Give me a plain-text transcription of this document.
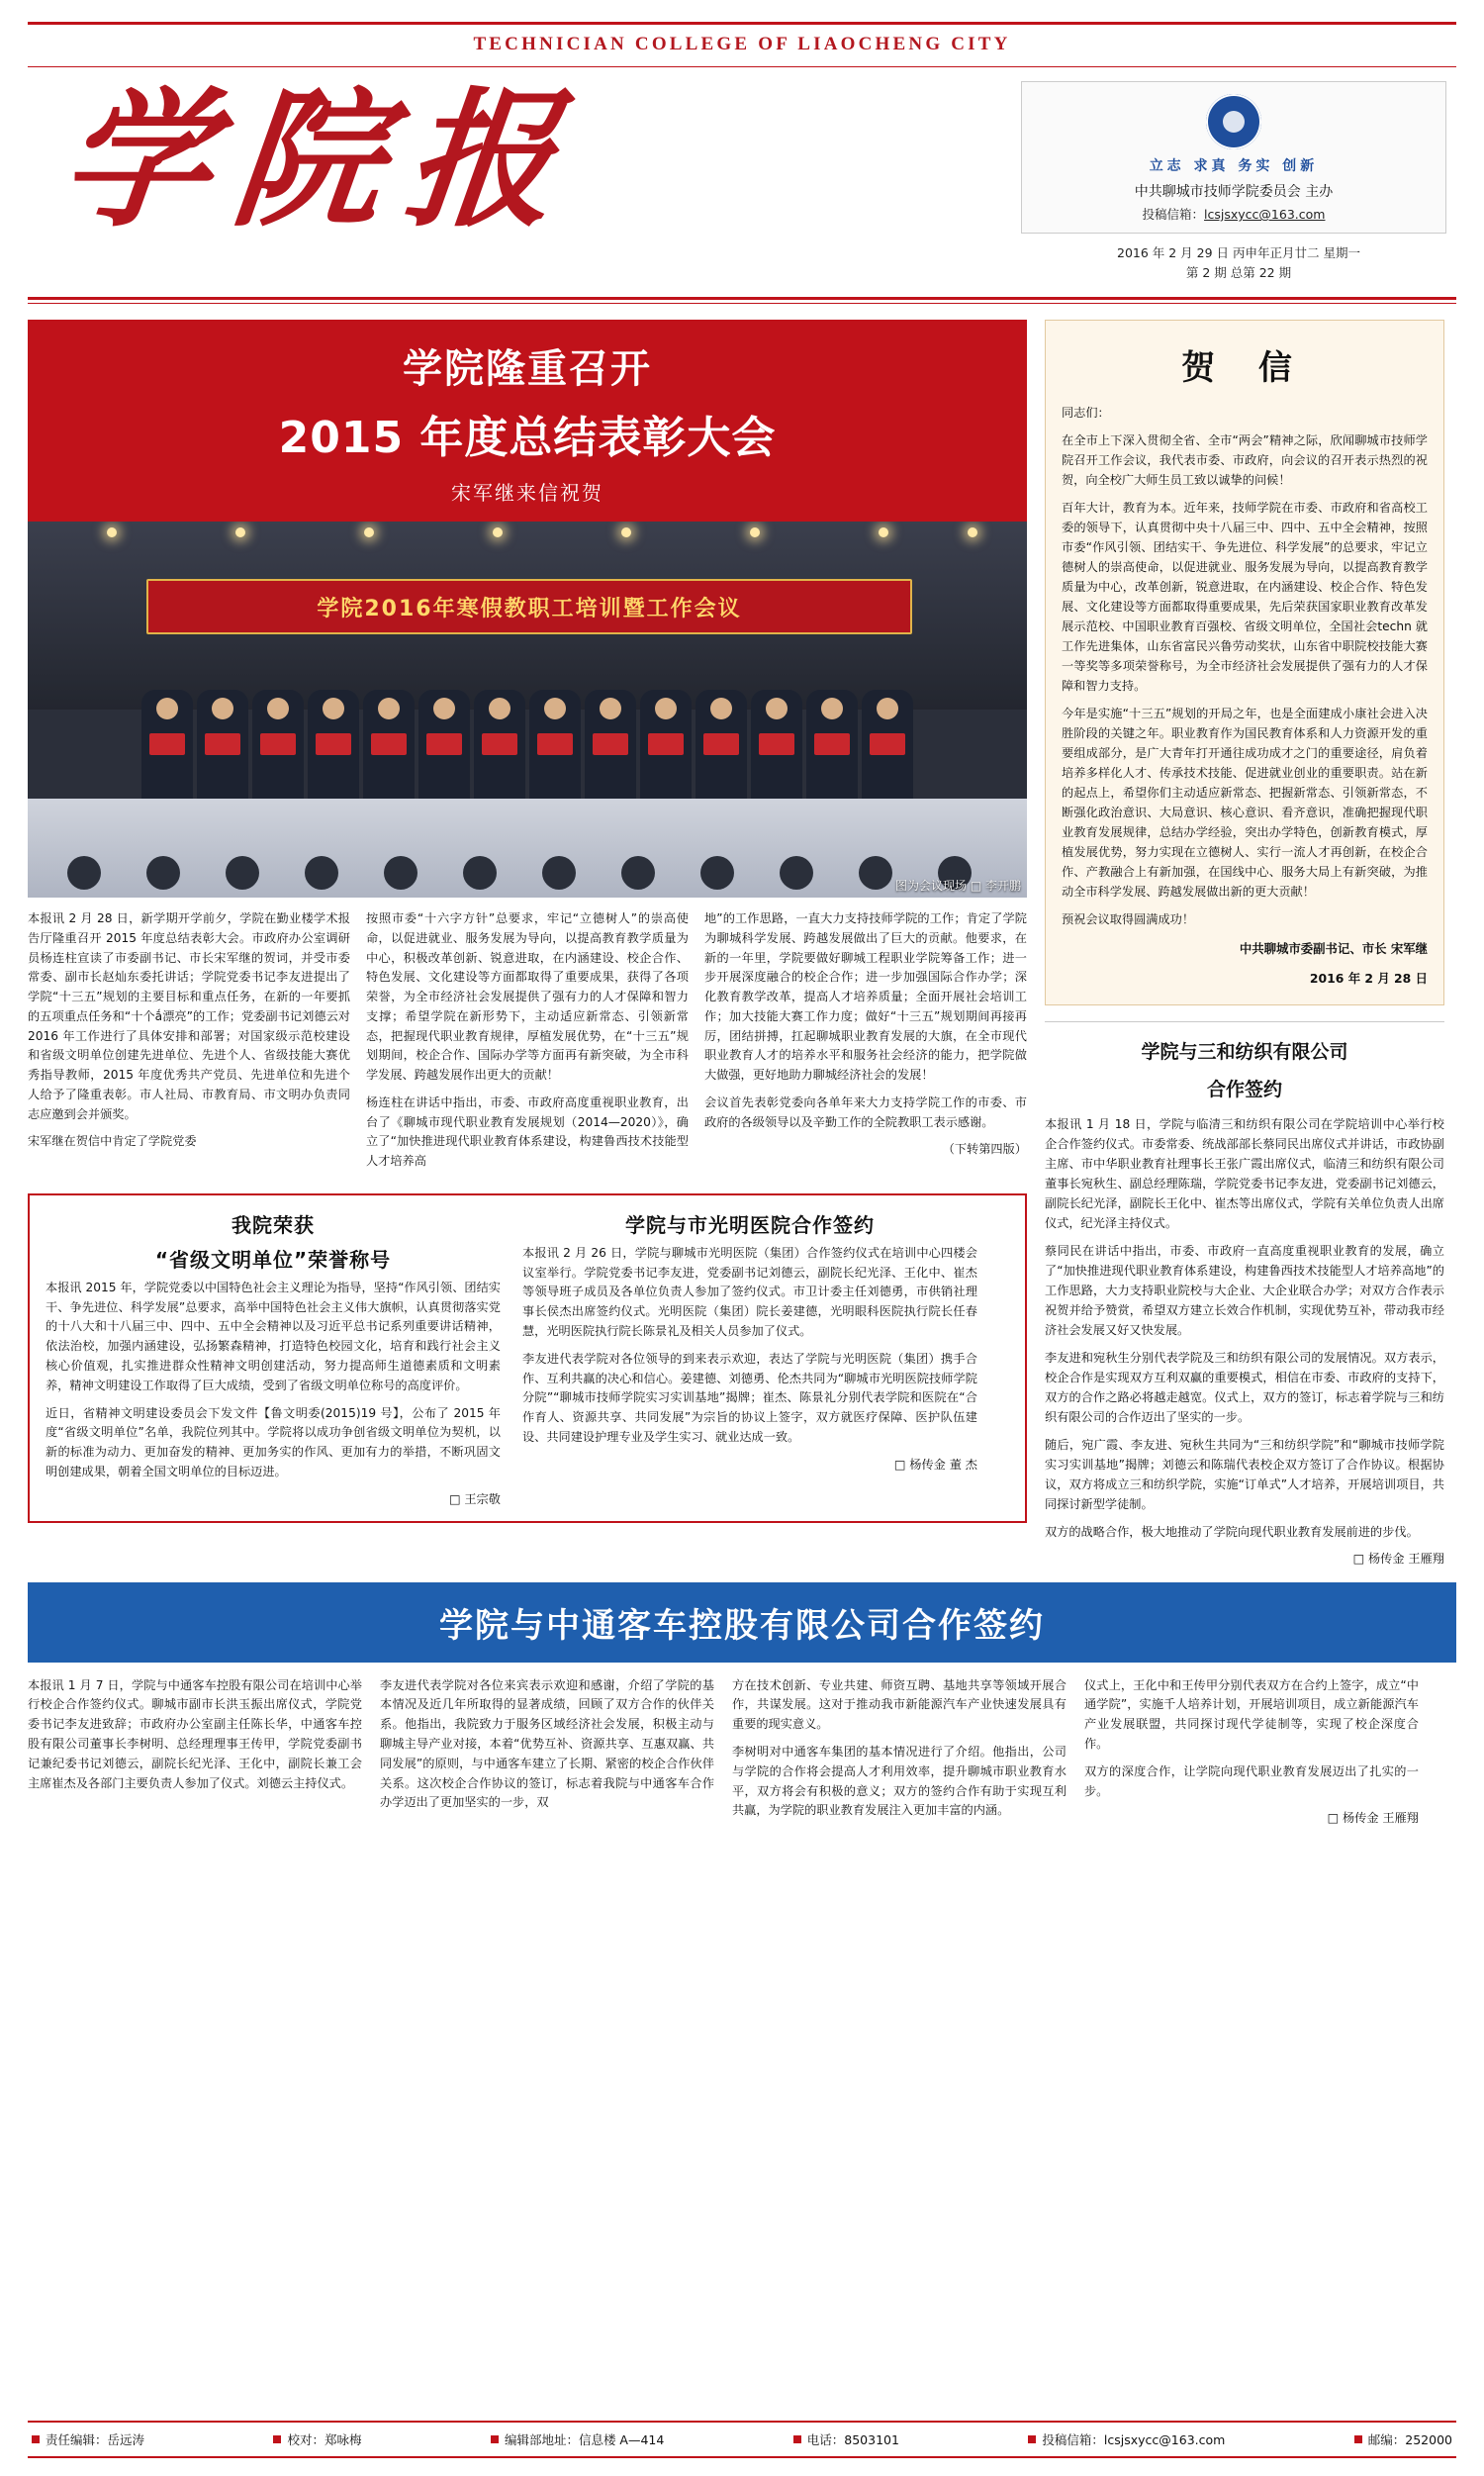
TECHNICIAN COLLEGE OF LIAOCHENG CITY
学院报	立志 求真 务实 创新
中共聊城市技师学院委员会 主办
投稿信箱：lcsjsxycc@163.com
2016 年 2 月 29 日 丙申年正月廿二 星期一
第 2 期 总第 22 期
学院隆重召开
2015 年度总结表彰大会
宋军继来信祝贺
学院2016年寒假教职工培训暨工作会议
图为会议现场 □ 李开鹏

本报讯 2 月 28 日，新学期开学前夕，学院在勤业楼学术报告厅隆重召开 2015 年度总结表彰大会。市政府办公室调研员杨连柱宣读了市委副书记、市长宋军继的贺词，并受市委常委、副市长赵灿东委托讲话；学院党委书记李友进提出了学院“十三五”规划的主要目标和重点任务，在新的一年要抓的五项重点任务和“十个ắ漂亮”的工作；党委副书记刘德云对 2016 年工作进行了具体安排和部署；对国家级示范校建设和省级文明单位创建先进单位、先进个人、省级技能大赛优秀指导教师，2015 年度优秀共产党员、先进单位和先进个人给予了隆重表彰。市人社局、市教育局、市文明办负责同志应邀到会并颁奖。

宋军继在贺信中肯定了学院党委

按照市委“十六字方针”总要求，牢记“立德树人”的崇高使命，以促进就业、服务发展为导向，以提高教育教学质量为中心，积极改革创新、锐意进取，在内涵建设、校企合作、特色发展、文化建设等方面都取得了重要成果，获得了各项荣誉，为全市经济社会发展提供了强有力的人才保障和智力支撑；希望学院在新形势下，主动适应新常态、引领新常态，把握现代职业教育规律，厚植发展优势，在“十三五”规划期间，校企合作、国际办学等方面再有新突破，为全市科学发展、跨越发展作出更大的贡献！

杨连柱在讲话中指出，市委、市政府高度重视职业教育，出台了《聊城市现代职业教育发展规划（2014—2020）》，确立了“加快推进现代职业教育体系建设，构建鲁西技术技能型人才培养高

地”的工作思路，一直大力支持技师学院的工作；肯定了学院为聊城科学发展、跨越发展做出了巨大的贡献。他要求，在新的一年里，学院要做好聊城工程职业学院筹备工作；进一步开展深度融合的校企合作；进一步加强国际合作办学；深化教育教学改革，提高人才培养质量；全面开展社会培训工作；加大技能大赛工作力度；做好“十三五”规划期间再接再厉，团结拼搏，扛起聊城职业教育发展的大旗，在全市现代职业教育人才的培养水平和服务社会经济的能力，把学院做大做强，更好地助力聊城经济社会的发展！

会议首先表彰党委向各单年来大力支持学院工作的市委、市政府的各级领导以及辛勤工作的全院教职工表示感谢。

（下转第四版）
我院荣获
“省级文明单位”荣誉称号

本报讯 2015 年，学院党委以中国特色社会主义理论为指导，坚持“作风引领、团结实干、争先进位、科学发展”总要求，高举中国特色社会主义伟大旗帜，认真贯彻落实党的十八大和十八届三中、四中、五中全会精神以及习近平总书记系列重要讲话精神，依法治校，加强内涵建设，弘扬繁森精神，打造特色校园文化，培育和践行社会主义核心价值观，扎实推进群众性精神文明创建活动，努力提高师生道德素质和文明素养，精神文明建设工作取得了巨大成绩，受到了省级文明单位称号的高度评价。

近日，省精神文明建设委员会下发文件【鲁文明委(2015)19 号】，公布了 2015 年度“省级文明单位”名单，我院位列其中。学院将以成功争创省级文明单位为契机，以新的标准为动力、更加奋发的精神、更加务实的作风、更加有力的举措，不断巩固文明创建成果，朝着全国文明单位的目标迈进。

□ 王宗敬
学院与市光明医院合作签约

本报讯 2 月 26 日，学院与聊城市光明医院（集团）合作签约仪式在培训中心四楼会议室举行。学院党委书记李友进，党委副书记刘德云，副院长纪光泽、王化中、崔杰等领导班子成员及各单位负责人参加了签约仪式。市卫计委主任刘德勇，市供销社理事长侯杰出席签约仪式。光明医院（集团）院长姜建德，光明眼科医院执行院长任春慧，光明医院执行院长陈景礼及相关人员参加了仪式。

李友进代表学院对各位领导的到来表示欢迎，表达了学院与光明医院（集团）携手合作、互利共赢的决心和信心。姜建德、刘德勇、伦杰共同为“聊城市光明医院技师学院分院”“聊城市技师学院实习实训基地”揭牌；崔杰、陈景礼分别代表学院和医院在“合作育人、资源共享、共同发展”为宗旨的协议上签字，双方就医疗保障、医护队伍建设、共同建设护理专业及学生实习、就业达成一致。

□ 杨传金 董 杰
贺 信

同志们：

在全市上下深入贯彻全省、全市“两会”精神之际，欣闻聊城市技师学院召开工作会议，我代表市委、市政府，向会议的召开表示热烈的祝贺，向全校广大师生员工致以诚挚的问候！

百年大计，教育为本。近年来，技师学院在市委、市政府和省高校工委的领导下，认真贯彻中央十八届三中、四中、五中全会精神，按照市委“作风引领、团结实干、争先进位、科学发展”的总要求，牢记立德树人的崇高使命，以促进就业、服务发展为导向，以提高教育教学质量为中心，改革创新，锐意进取，在内涵建设、校企合作、特色发展、文化建设等方面都取得重要成果，先后荣获国家职业教育改革发展示范校、中国职业教育百强校、省级文明单位，全国社会techn 就工作先进集体，山东省富民兴鲁劳动奖状，山东省中职院校技能大赛一等奖等多项荣誉称号，为全市经济社会发展提供了强有力的人才保障和智力支持。

今年是实施“十三五”规划的开局之年，也是全面建成小康社会进入决胜阶段的关键之年。职业教育作为国民教育体系和人力资源开发的重要组成部分，是广大青年打开通往成功成才之门的重要途径，肩负着培养多样化人才、传承技术技能、促进就业创业的重要职责。站在新的起点上，希望你们主动适应新常态、把握新常态、引领新常态，不断强化政治意识、大局意识、核心意识、看齐意识，准确把握现代职业教育发展规律，总结办学经验，突出办学特色，创新教育模式，厚植发展优势，努力实现在立德树人、实行一流人才再创新，在校企合作、产教融合上有新加强，在国线中心、服务大局上有新突破，为推动全市科学发展、跨越发展做出新的更大贡献！

预祝会议取得圆满成功！

中共聊城市委副书记、市长 宋军继
2016 年 2 月 28 日
学院与三和纺织有限公司
合作签约

本报讯 1 月 18 日，学院与临清三和纺织有限公司在学院培训中心举行校企合作签约仪式。市委常委、统战部部长蔡同民出席仪式并讲话，市政协副主席、市中华职业教育社理事长王张广霞出席仪式，临清三和纺织有限公司董事长宛秋生、副总经理陈瑞，学院党委书记李友进，党委副书记刘德云，副院长纪光泽，副院长王化中、崔杰等出席仪式，学院有关单位负责人出席仪式，纪光泽主持仪式。

蔡同民在讲话中指出，市委、市政府一直高度重视职业教育的发展，确立了“加快推进现代职业教育体系建设，构建鲁西技术技能型人才培养高地”的工作思路，大力支持职业院校与大企业、大企业联合办学；对双方合作表示祝贺并给予赞赏，希望双方建立长效合作机制，实现优势互补，带动我市经济社会发展又好又快发展。

李友进和宛秋生分别代表学院及三和纺织有限公司的发展情况。双方表示，校企合作是实现双方互利双赢的重要模式，相信在市委、市政府的支持下，双方的合作之路必将越走越宽。仪式上，双方的签订，标志着学院与三和纺织有限公司的合作迈出了坚实的一步。

随后，宛广霞、李友进、宛秋生共同为“三和纺织学院”和“聊城市技师学院实习实训基地”揭牌；刘德云和陈瑞代表校企双方签订了合作协议。根据协议，双方将成立三和纺织学院，实施“订单式”人才培养，开展培训项目，共同探讨新型学徒制。

双方的战略合作，极大地推动了学院向现代职业教育发展前进的步伐。

□ 杨传金 王雁翔
学院与中通客车控股有限公司合作签约

本报讯 1 月 7 日，学院与中通客车控股有限公司在培训中心举行校企合作签约仪式。聊城市副市长洪玉振出席仪式，学院党委书记李友进致辞；市政府办公室副主任陈长华，中通客车控股有限公司董事长李树明、总经理理事王传甲，学院党委副书记兼纪委书记刘德云，副院长纪光泽、王化中，副院长兼工会主席崔杰及各部门主要负责人参加了仪式。刘德云主持仪式。

李友进代表学院对各位来宾表示欢迎和感谢，介绍了学院的基本情况及近几年所取得的显著成绩，回顾了双方合作的伙伴关系。他指出，我院致力于服务区域经济社会发展，积极主动与聊城主导产业对接，本着“优势互补、资源共享、互惠双赢、共同发展”的原则，与中通客车建立了长期、紧密的校企合作伙伴关系。这次校企合作协议的签订，标志着我院与中通客车合作办学迈出了更加坚实的一步，双

方在技术创新、专业共建、师资互聘、基地共享等领域开展合作，共谋发展。这对于推动我市新能源汽车产业快速发展具有重要的现实意义。

李树明对中通客车集团的基本情况进行了介绍。他指出，公司与学院的合作将会提高人才利用效率，提升聊城市职业教育水平，双方将会有积极的意义；双方的签约合作有助于实现互利共赢，为学院的职业教育发展注入更加丰富的内涵。

仪式上，王化中和王传甲分别代表双方在合约上签字，成立“中通学院”，实施千人培养计划，开展培训项目，成立新能源汽车产业发展联盟，共同探讨现代学徒制等，实现了校企深度合作。

双方的深度合作，让学院向现代职业教育发展迈出了扎实的一步。

□ 杨传金 王雁翔
责任编辑：岳远涛	校对：郑咏梅	编辑部地址：信息楼 A—414	电话：8503101	投稿信箱：lcsjsxycc@163.com	邮编：252000
